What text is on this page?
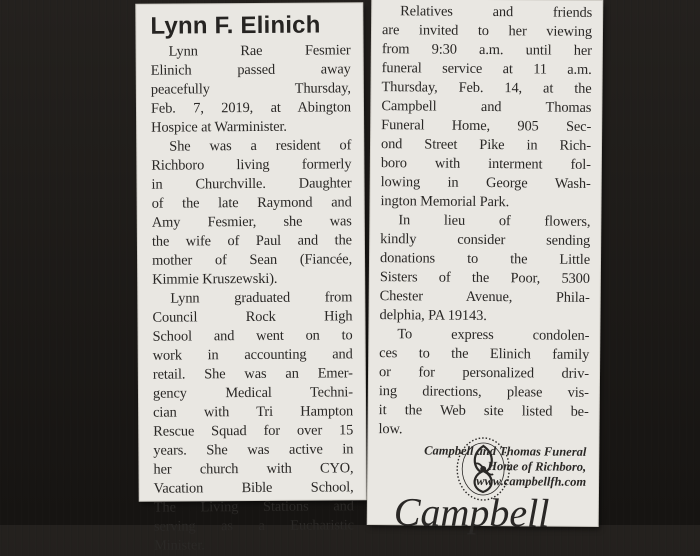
Lynn F. Elinich
Lynn Rae Fesmier
Elinich passed away
peacefully Thursday,
Feb. 7, 2019, at Abington
Hospice at Warminister.
She was a resident of
Richboro living formerly
in Churchville. Daughter
of the late Raymond and
Amy Fesmier, she was
the wife of Paul and the
mother of Sean (Fiancée,
Kimmie Kruszewski).
Lynn graduated from
Council Rock High
School and went on to
work in accounting and
retail. She was an Emer-
gency Medical Techni-
cian with Tri Hampton
Rescue Squad for over 15
years. She was active in
her church with CYO,
Vacation Bible School,
The Living Stations and
serving as a Eucharistic
Minister.
Relatives and friends
are invited to her viewing
from 9:30 a.m. until her
funeral service at 11 a.m.
Thursday, Feb. 14, at the
Campbell and Thomas
Funeral Home, 905 Sec-
ond Street Pike in Rich-
boro with interment fol-
lowing in George Wash-
ington Memorial Park.
In lieu of flowers,
kindly consider sending
donations to the Little
Sisters of the Poor, 5300
Chester Avenue, Phila-
delphia, PA 19143.
To express condolen-
ces to the Elinich family
or for personalized driv-
ing directions, please vis-
it the Web site listed be-
low.
Campbell and Thomas Funeral
Home of Richboro,
www.campbellfh.com
Campbell
